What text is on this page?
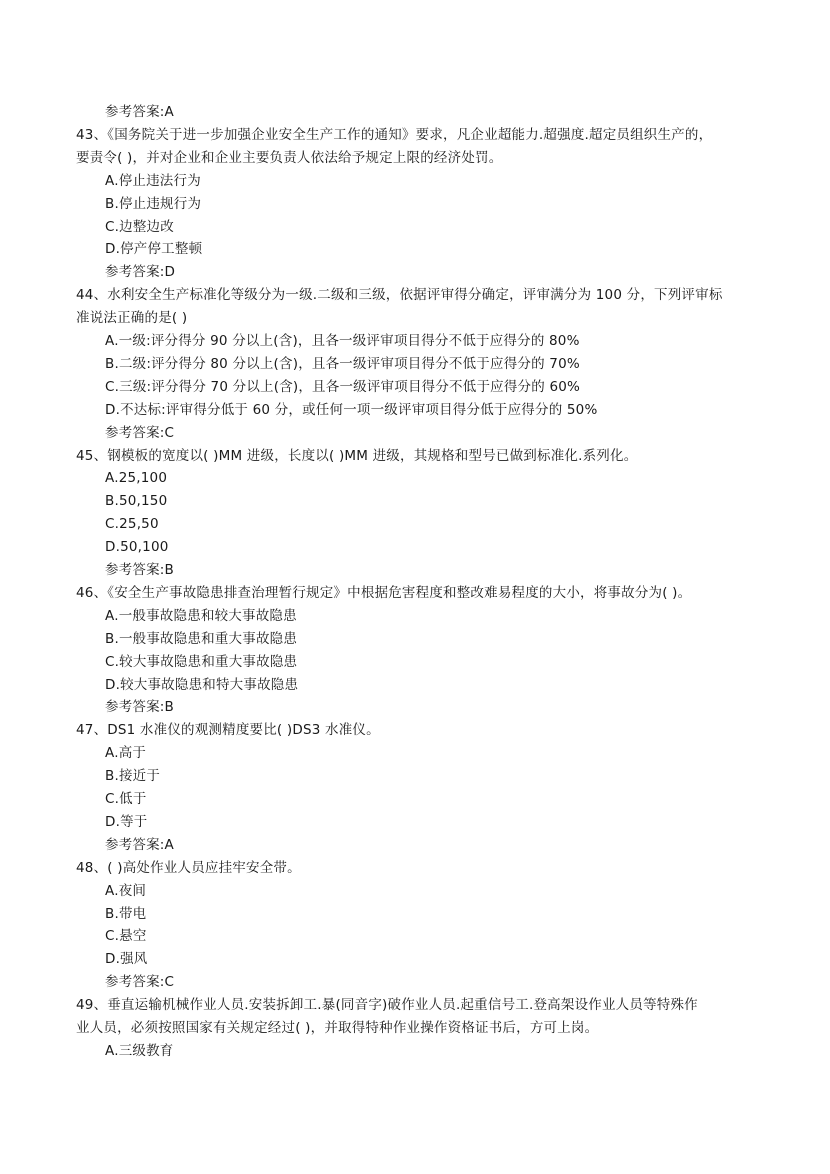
参考答案:A
43、《国务院关于进一步加强企业安全生产工作的通知》要求，凡企业超能力.超强度.超定员组织生产的，
要责令( )，并对企业和企业主要负责人依法给予规定上限的经济处罚。
A.停止违法行为
B.停止违规行为
C.边整边改
D.停产停工整顿
参考答案:D
44、水利安全生产标准化等级分为一级.二级和三级，依据评审得分确定，评审满分为 100 分，下列评审标
准说法正确的是( )
A.一级:评分得分 90 分以上(含)，且各一级评审项目得分不低于应得分的 80%
B.二级:评分得分 80 分以上(含)，且各一级评审项目得分不低于应得分的 70%
C.三级:评分得分 70 分以上(含)，且各一级评审项目得分不低于应得分的 60%
D.不达标:评审得分低于 60 分，或任何一项一级评审项目得分低于应得分的 50%
参考答案:C
45、钢模板的宽度以( )MM 进级，长度以( )MM 进级，其规格和型号已做到标准化.系列化。
A.25,100
B.50,150
C.25,50
D.50,100
参考答案:B
46、《安全生产事故隐患排查治理暂行规定》中根据危害程度和整改难易程度的大小，将事故分为( )。
A.一般事故隐患和较大事故隐患
B.一般事故隐患和重大事故隐患
C.较大事故隐患和重大事故隐患
D.较大事故隐患和特大事故隐患
参考答案:B
47、DS1 水准仪的观测精度要比( )DS3 水准仪。
A.高于
B.接近于
C.低于
D.等于
参考答案:A
48、( )高处作业人员应挂牢安全带。
A.夜间
B.带电
C.悬空
D.强风
参考答案:C
49、垂直运输机械作业人员.安装拆卸工.暴(同音字)破作业人员.起重信号工.登高架设作业人员等特殊作
业人员，必须按照国家有关规定经过( )，并取得特种作业操作资格证书后，方可上岗。
A.三级教育
